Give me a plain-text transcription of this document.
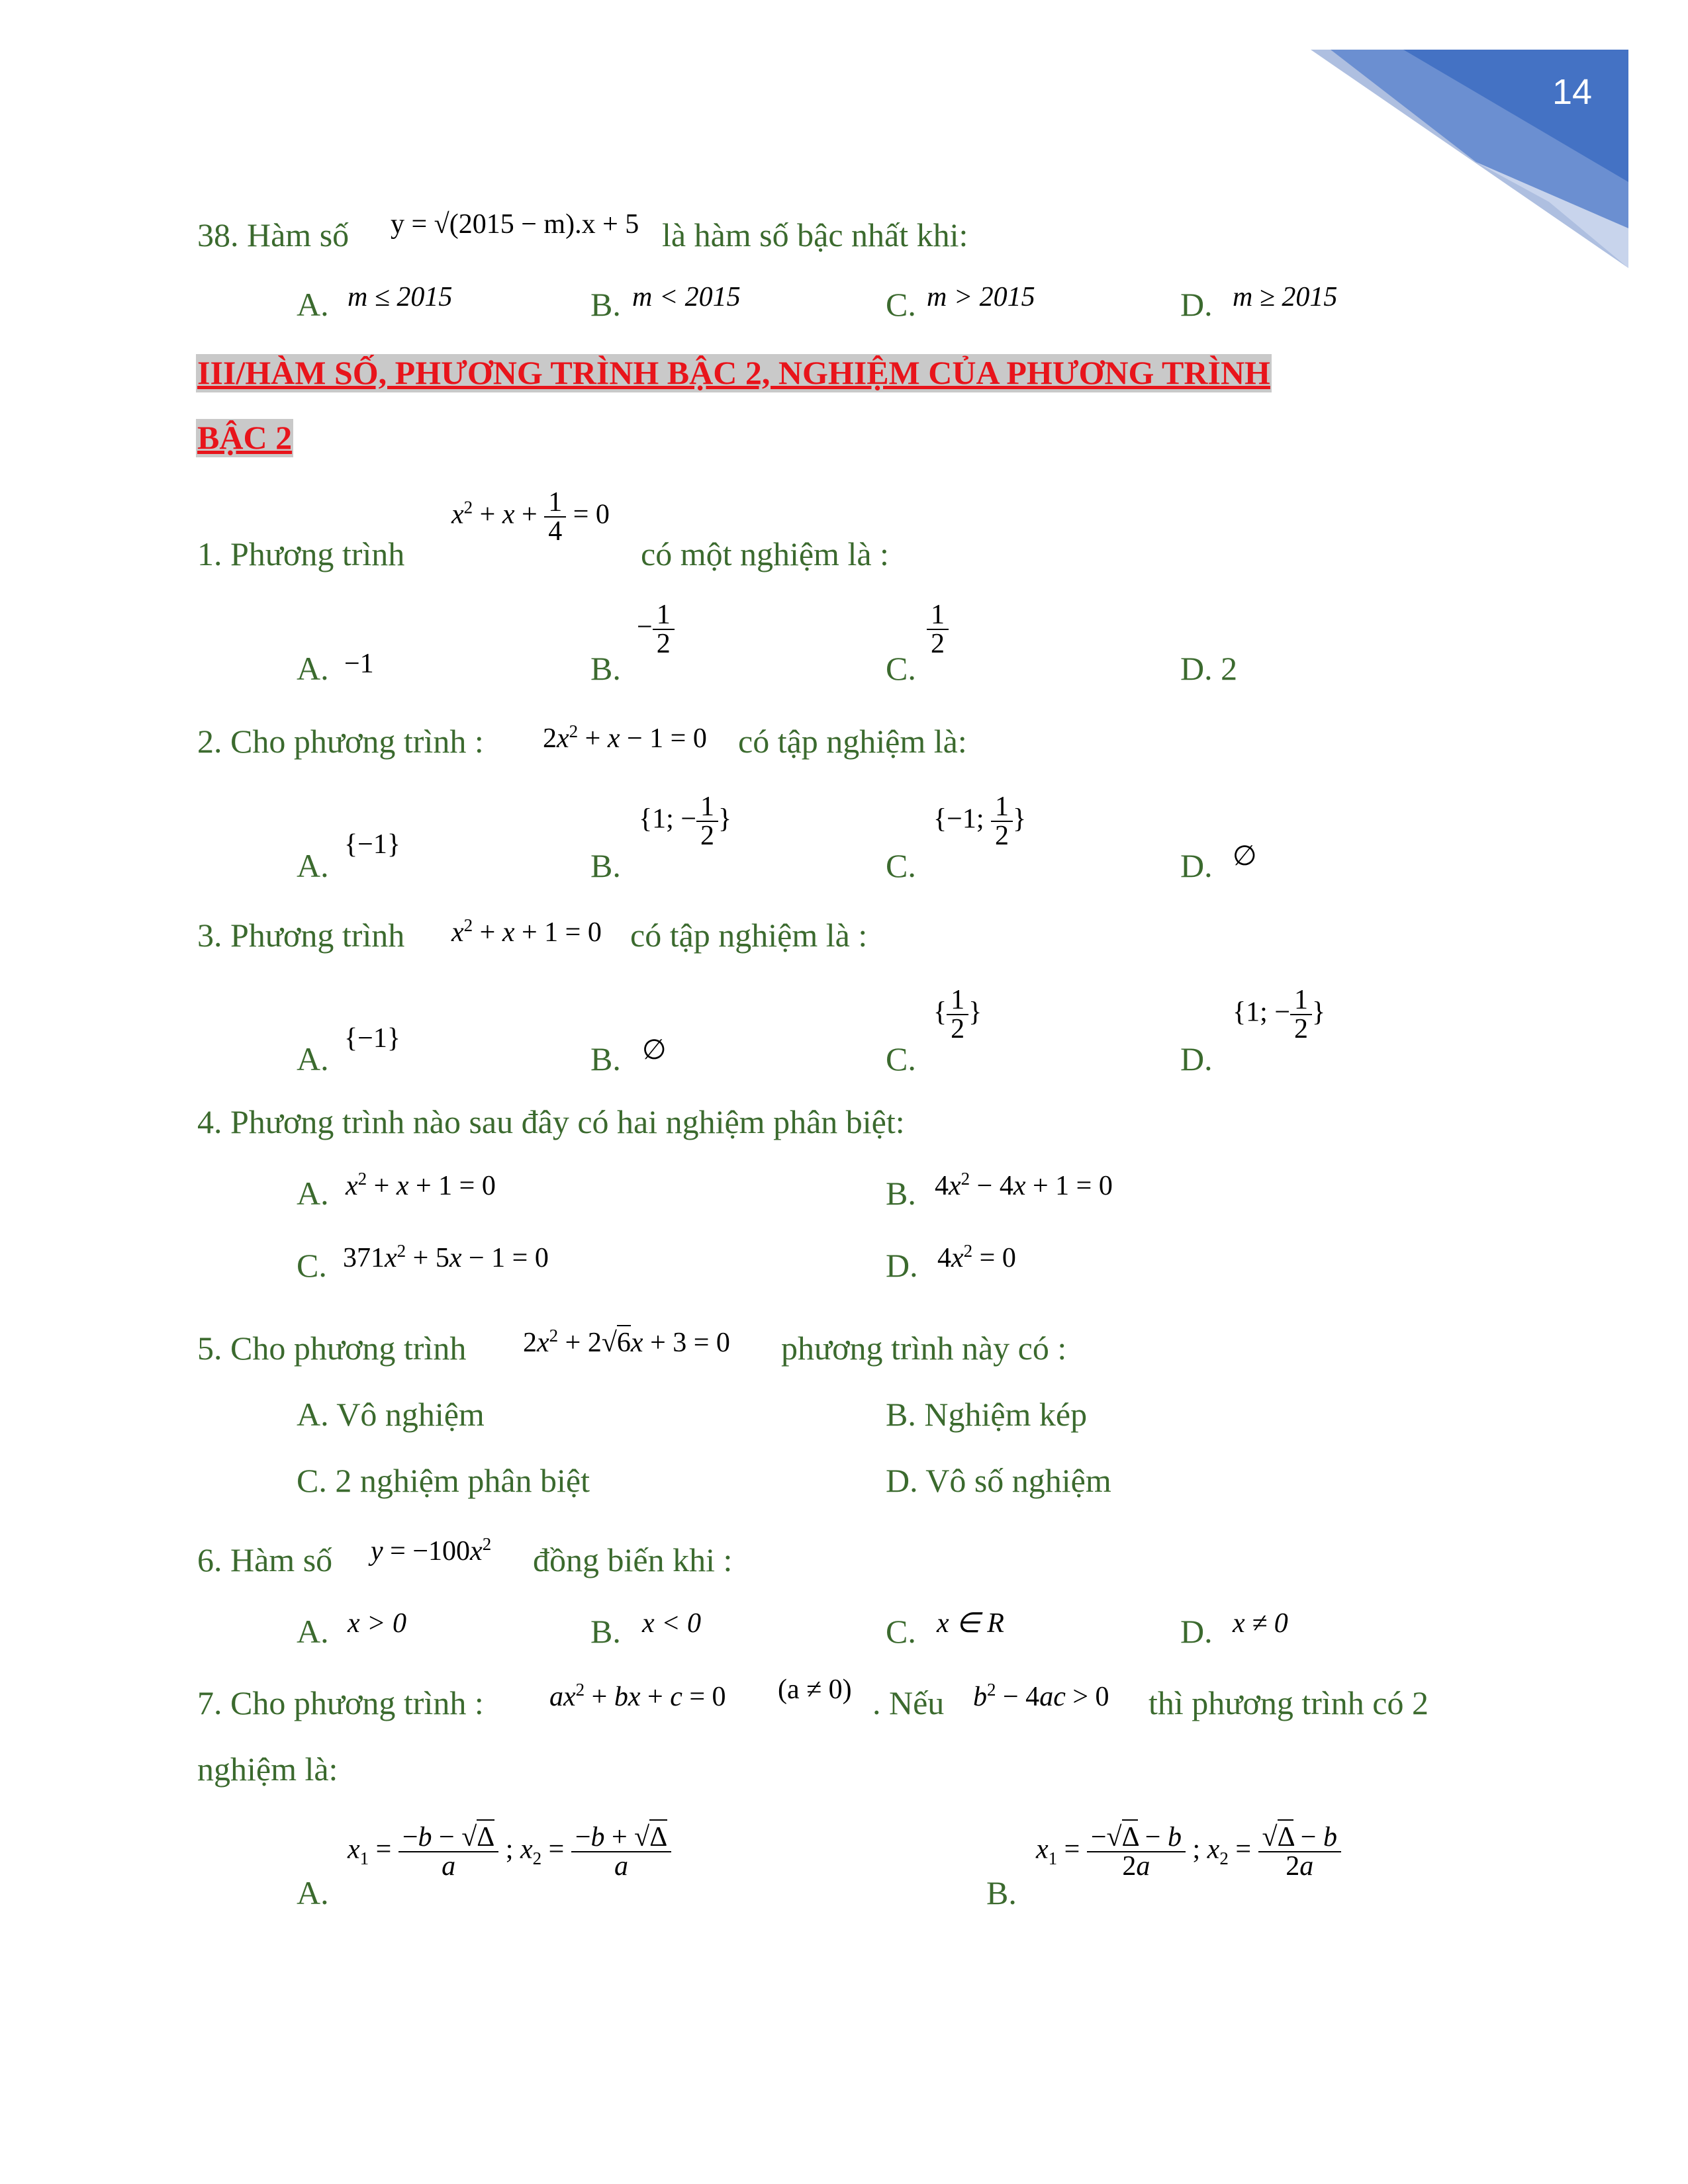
14
38. Hàm số y = √(2015 − m).x + 5 là hàm số bậc nhất khi:
A. m ≤ 2015	B. m < 2015	C. m > 2015	D. m ≥ 2015
III/HÀM SỐ, PHƯƠNG TRÌNH BẬC 2, NGHIỆM CỦA PHƯƠNG TRÌNH
BẬC 2
1. Phương trình
$x^2 + x + \frac{1}{4} = 0$
có một nghiệm là :
A. −1	B.
− $\frac{1}{2}$
C.
$\frac{1}{2}$
D. 2
2. Cho phương trình : $2x^2 + x - 1 = 0$ có tập nghiệm là:
A.
{−1}
B.
{1; − $\frac{1}{2}$ }
C.
{−1; $\frac{1}{2}$ }
D. ∅
3. Phương trình $x^2 + x + 1 = 0$ có tập nghiệm là :
A.
{−1}
B. ∅	C.
{ $\frac{1}{2}$ }
D.
{1; − $\frac{1}{2}$ }
4. Phương trình nào sau đây có hai nghiệm phân biệt:
A. $x^2 + x + 1 = 0$	B. $4x^2 - 4x + 1 = 0$
C. $371x^2 + 5x - 1 = 0$	D. $4x^2 = 0$
5. Cho phương trình $2x^2 + 2√6x + 3 = 0$ phương trình này có :
A. Vô nghiệm	B. Nghiệm kép
C. 2 nghiệm phân biệt	D. Vô số nghiệm
6. Hàm số $y = -100x^2$ đồng biến khi :
A. x > 0	B. x < 0	C. x ∈ R	D. x ≠ 0
7. Cho phương trình : $ax^2$ + bx + c = 0 (a ≠ 0) . Nếu $b^2 - 4ac > 0$ thì phương trình có 2
nghiệm là:
A.
$x_1 = \frac{-b - √\Delta}{a}$ ; $x_2 = \frac{-b + √\Delta}{a}$
B.
$x_1 = \frac{-√\Delta - b}{2a}$ ; $x_2 = \frac{√\Delta - b}{2a}$
